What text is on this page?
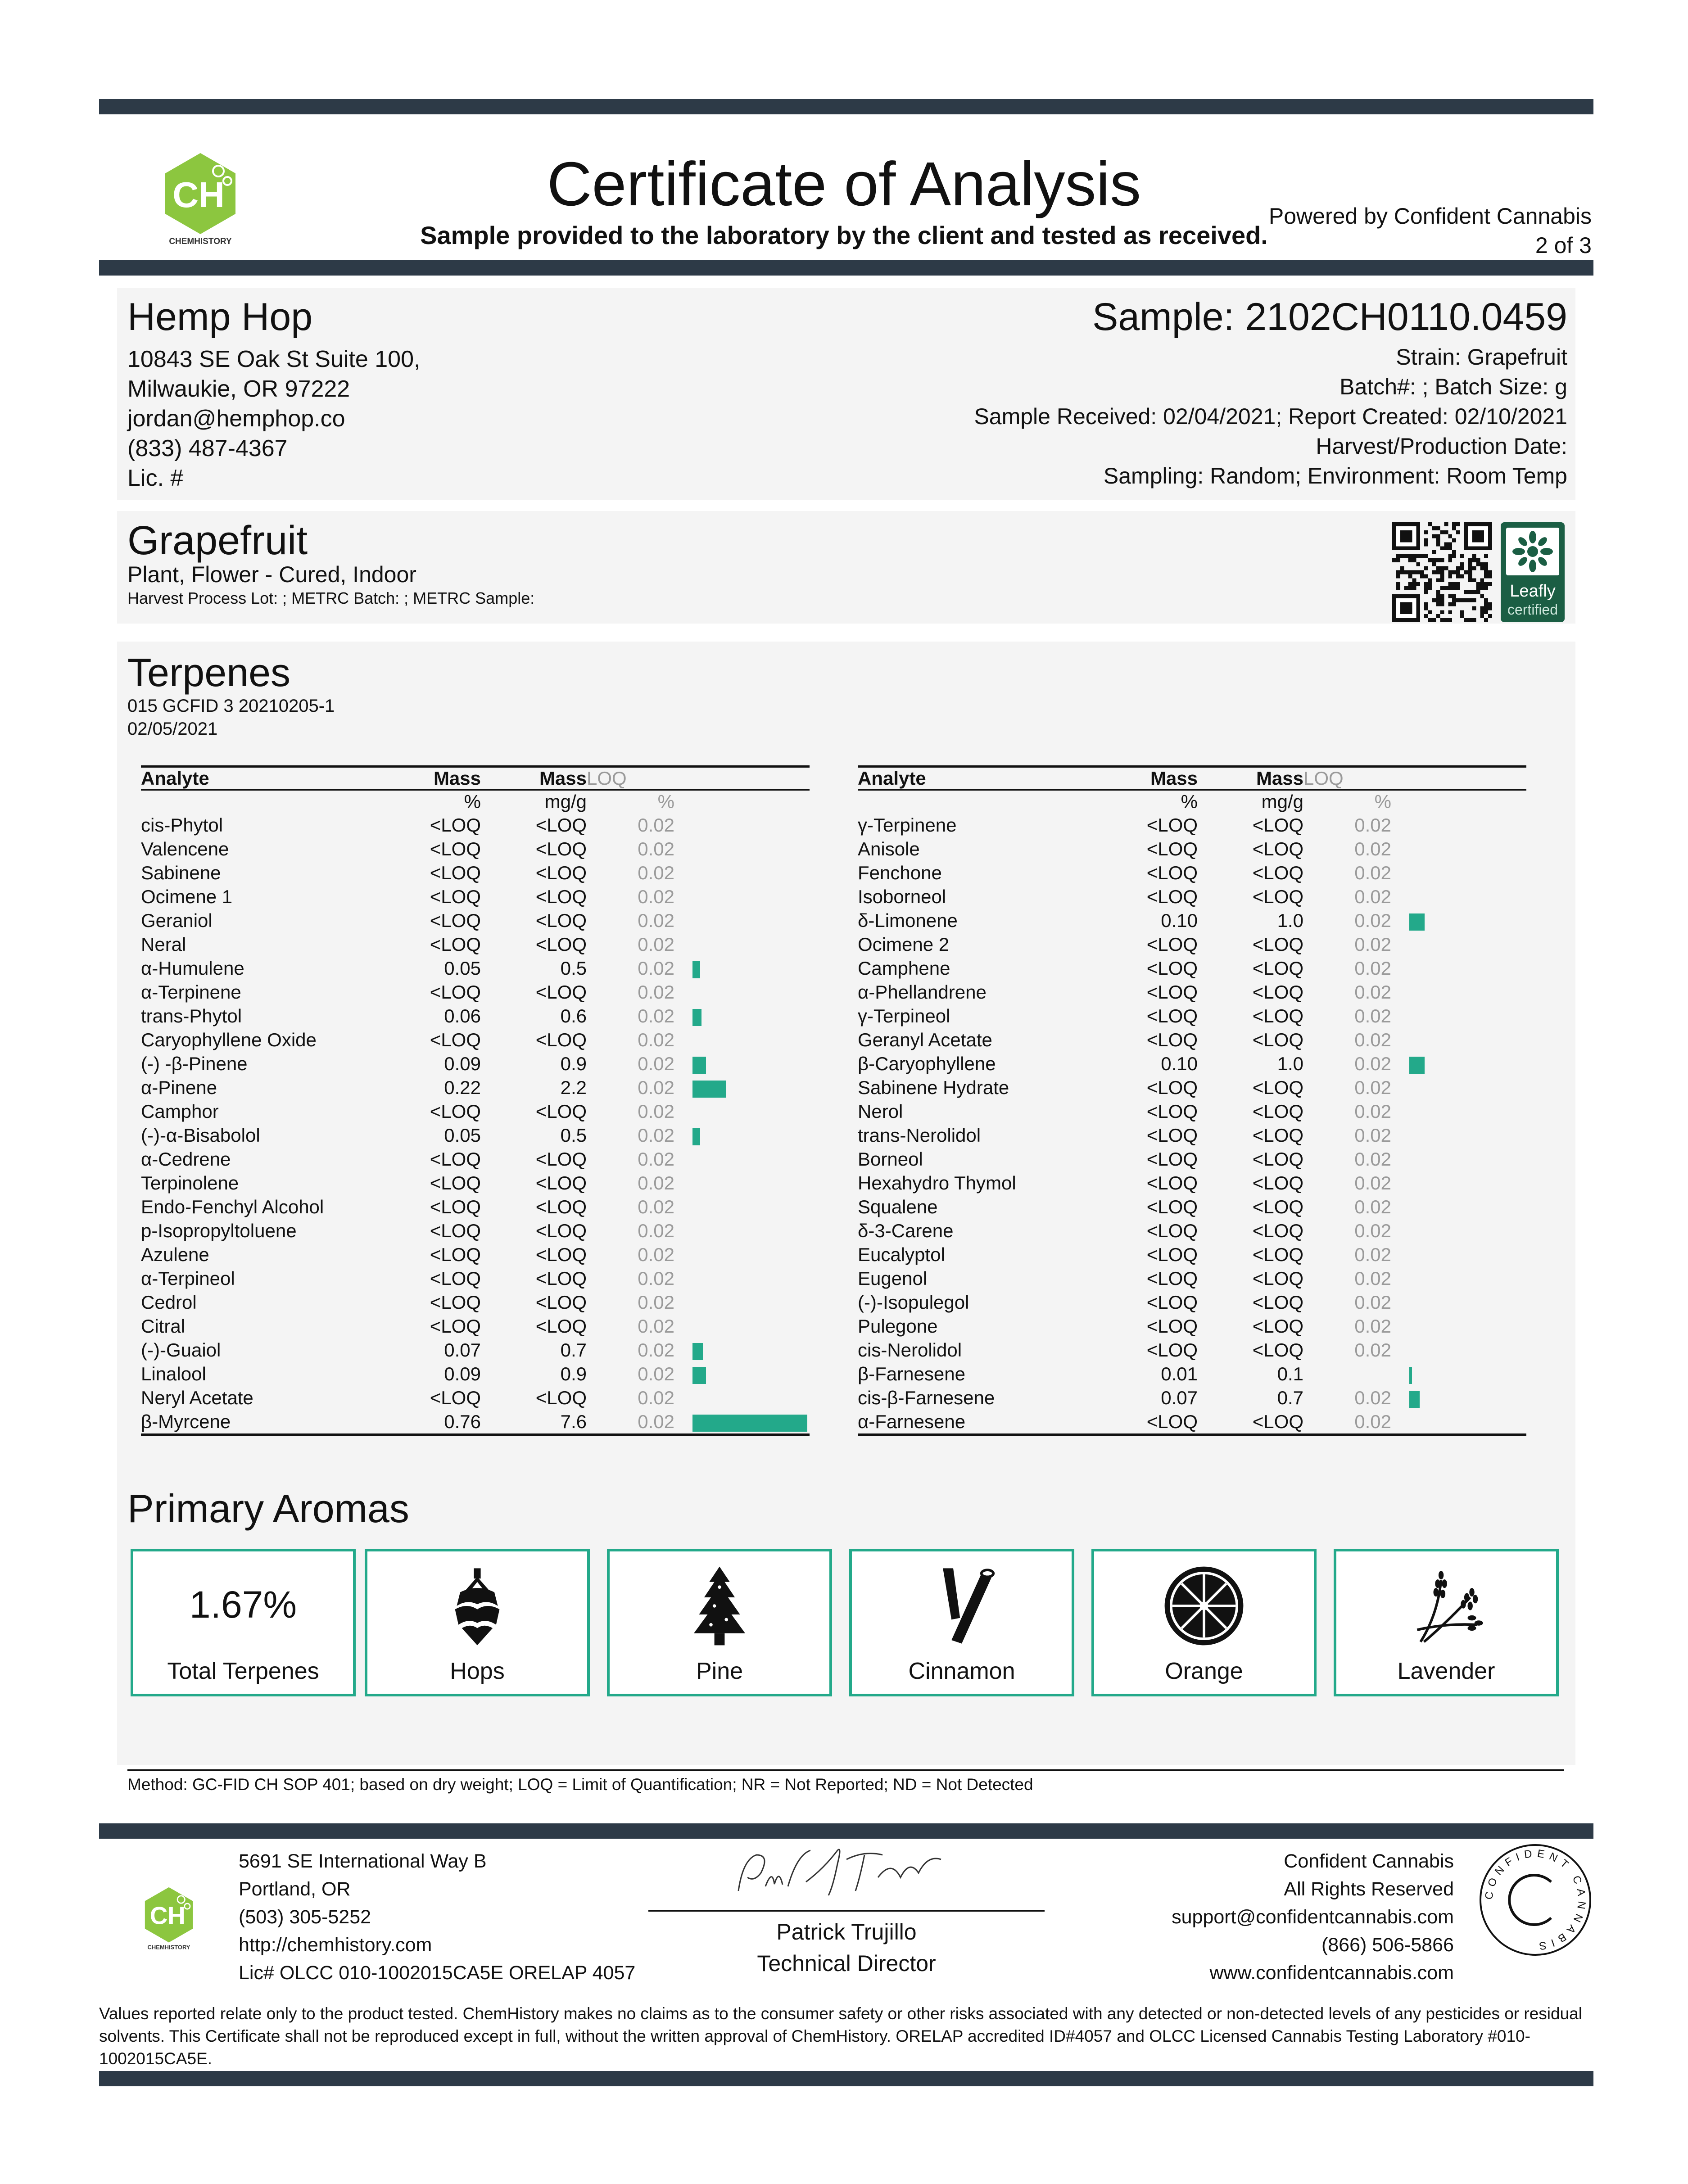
CH
CHEMHISTORY
Certificate of Analysis
Sample provided to the laboratory by the client and tested as received.
Powered by Confident Cannabis
2 of 3
Hemp Hop
10843 SE Oak St Suite 100,
Milwaukie, OR 97222
jordan@hemphop.co
(833) 487-4367
Lic. #
Sample: 2102CH0110.0459
Strain: Grapefruit
Batch#: ; Batch Size: g
Sample Received: 02/04/2021; Report Created: 02/10/2021
Harvest/Production Date:
Sampling: Random; Environment: Room Temp
Grapefruit
Plant, Flower - Cured, Indoor
Harvest Process Lot: ; METRC Batch: ; METRC Sample:	Leafly
certified
Terpenes
015 GCFID 3 20210205-1
02/05/2021
Analyte	Mass	Mass	LOQ	
	%	mg/g	%	
cis-Phytol	<LOQ	<LOQ	0.02	
Valencene	<LOQ	<LOQ	0.02	
Sabinene	<LOQ	<LOQ	0.02	
Ocimene 1	<LOQ	<LOQ	0.02	
Geraniol	<LOQ	<LOQ	0.02	
Neral	<LOQ	<LOQ	0.02	
α-Humulene	0.05	0.5	0.02	
α-Terpinene	<LOQ	<LOQ	0.02	
trans-Phytol	0.06	0.6	0.02	
Caryophyllene Oxide	<LOQ	<LOQ	0.02	
(-) -β-Pinene	0.09	0.9	0.02	
α-Pinene	0.22	2.2	0.02	
Camphor	<LOQ	<LOQ	0.02	
(-)-α-Bisabolol	0.05	0.5	0.02	
α-Cedrene	<LOQ	<LOQ	0.02	
Terpinolene	<LOQ	<LOQ	0.02	
Endo-Fenchyl Alcohol	<LOQ	<LOQ	0.02	
p-Isopropyltoluene	<LOQ	<LOQ	0.02	
Azulene	<LOQ	<LOQ	0.02	
α-Terpineol	<LOQ	<LOQ	0.02	
Cedrol	<LOQ	<LOQ	0.02	
Citral	<LOQ	<LOQ	0.02	
(-)-Guaiol	0.07	0.7	0.02	
Linalool	0.09	0.9	0.02	
Neryl Acetate	<LOQ	<LOQ	0.02	
β-Myrcene	0.76	7.6	0.02	
Analyte	Mass	Mass	LOQ	
	%	mg/g	%	
γ-Terpinene	<LOQ	<LOQ	0.02	
Anisole	<LOQ	<LOQ	0.02	
Fenchone	<LOQ	<LOQ	0.02	
Isoborneol	<LOQ	<LOQ	0.02	
δ-Limonene	0.10	1.0	0.02	
Ocimene 2	<LOQ	<LOQ	0.02	
Camphene	<LOQ	<LOQ	0.02	
α-Phellandrene	<LOQ	<LOQ	0.02	
γ-Terpineol	<LOQ	<LOQ	0.02	
Geranyl Acetate	<LOQ	<LOQ	0.02	
β-Caryophyllene	0.10	1.0	0.02	
Sabinene Hydrate	<LOQ	<LOQ	0.02	
Nerol	<LOQ	<LOQ	0.02	
trans-Nerolidol	<LOQ	<LOQ	0.02	
Borneol	<LOQ	<LOQ	0.02	
Hexahydro Thymol	<LOQ	<LOQ	0.02	
Squalene	<LOQ	<LOQ	0.02	
δ-3-Carene	<LOQ	<LOQ	0.02	
Eucalyptol	<LOQ	<LOQ	0.02	
Eugenol	<LOQ	<LOQ	0.02	
(-)-Isopulegol	<LOQ	<LOQ	0.02	
Pulegone	<LOQ	<LOQ	0.02	
cis-Nerolidol	<LOQ	<LOQ	0.02	
β-Farnesene	0.01	0.1		
cis-β-Farnesene	0.07	0.7	0.02	
α-Farnesene	<LOQ	<LOQ	0.02	
Primary Aromas
1.67%
Total Terpenes	Hops	Pine	Cinnamon	Orange	Lavender
Method: GC-FID CH SOP 401; based on dry weight; LOQ = Limit of Quantification; NR = Not Reported; ND = Not Detected
CH
CHEMHISTORY
5691 SE International Way B
Portland, OR
(503) 305-5252
http://chemhistory.com
Lic# OLCC 010-1002015CA5E ORELAP 4057
Patrick Trujillo
Technical Director
Confident Cannabis
All Rights Reserved
support@confidentcannabis.com
(866) 506-5866
www.confidentcannabis.com
CONFIDENT CANNABIS
Values reported relate only to the product tested. ChemHistory makes no claims as to the consumer safety or other risks associated with any detected or non-detected levels of any pesticides or residual solvents. This Certificate shall not be reproduced except in full, without the written approval of ChemHistory. ORELAP accredited ID#4057 and OLCC Licensed Cannabis Testing Laboratory #010-1002015CA5E.
